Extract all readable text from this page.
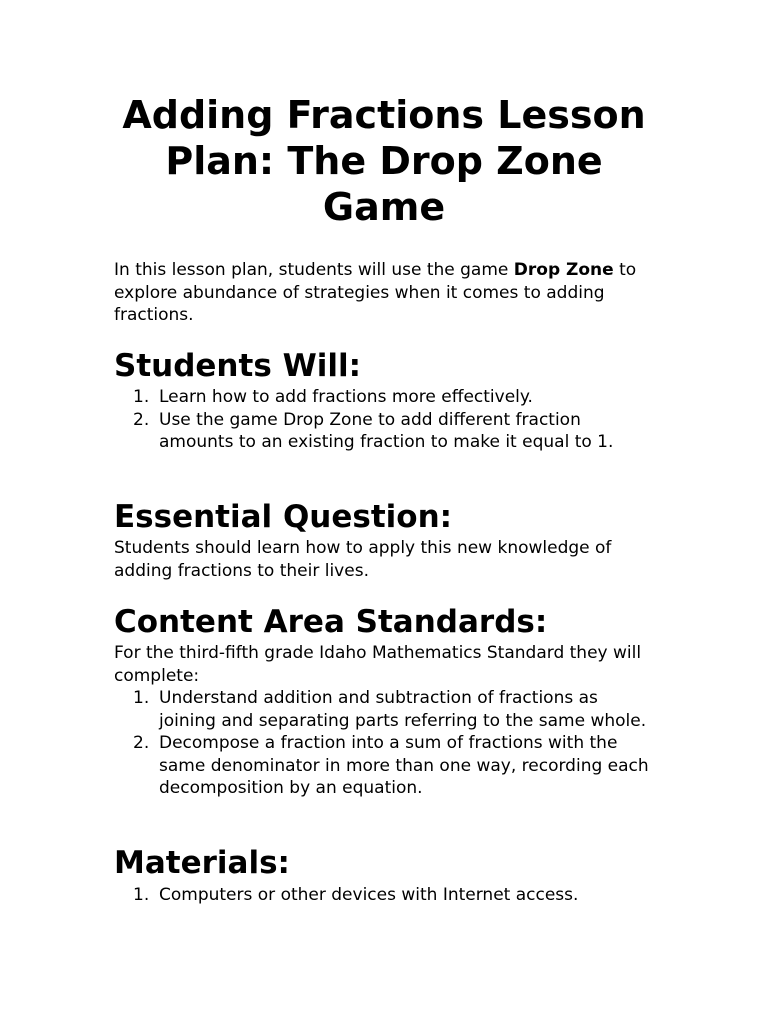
Adding Fractions Lesson Plan: The Drop Zone Game

In this lesson plan, students will use the game Drop Zone to explore abundance of strategies when it comes to adding fractions.

Students Will:
1. Learn how to add fractions more effectively.
2. Use the game Drop Zone to add different fraction amounts to an existing fraction to make it equal to 1.
Essential Question:

Students should learn how to apply this new knowledge of adding fractions to their lives.

Content Area Standards:

For the third-fifth grade Idaho Mathematics Standard they will complete:

1. Understand addition and subtraction of fractions as joining and separating parts referring to the same whole.
2. Decompose a fraction into a sum of fractions with the same denominator in more than one way, recording each decomposition by an equation.
Materials:
1. Computers or other devices with Internet access.
